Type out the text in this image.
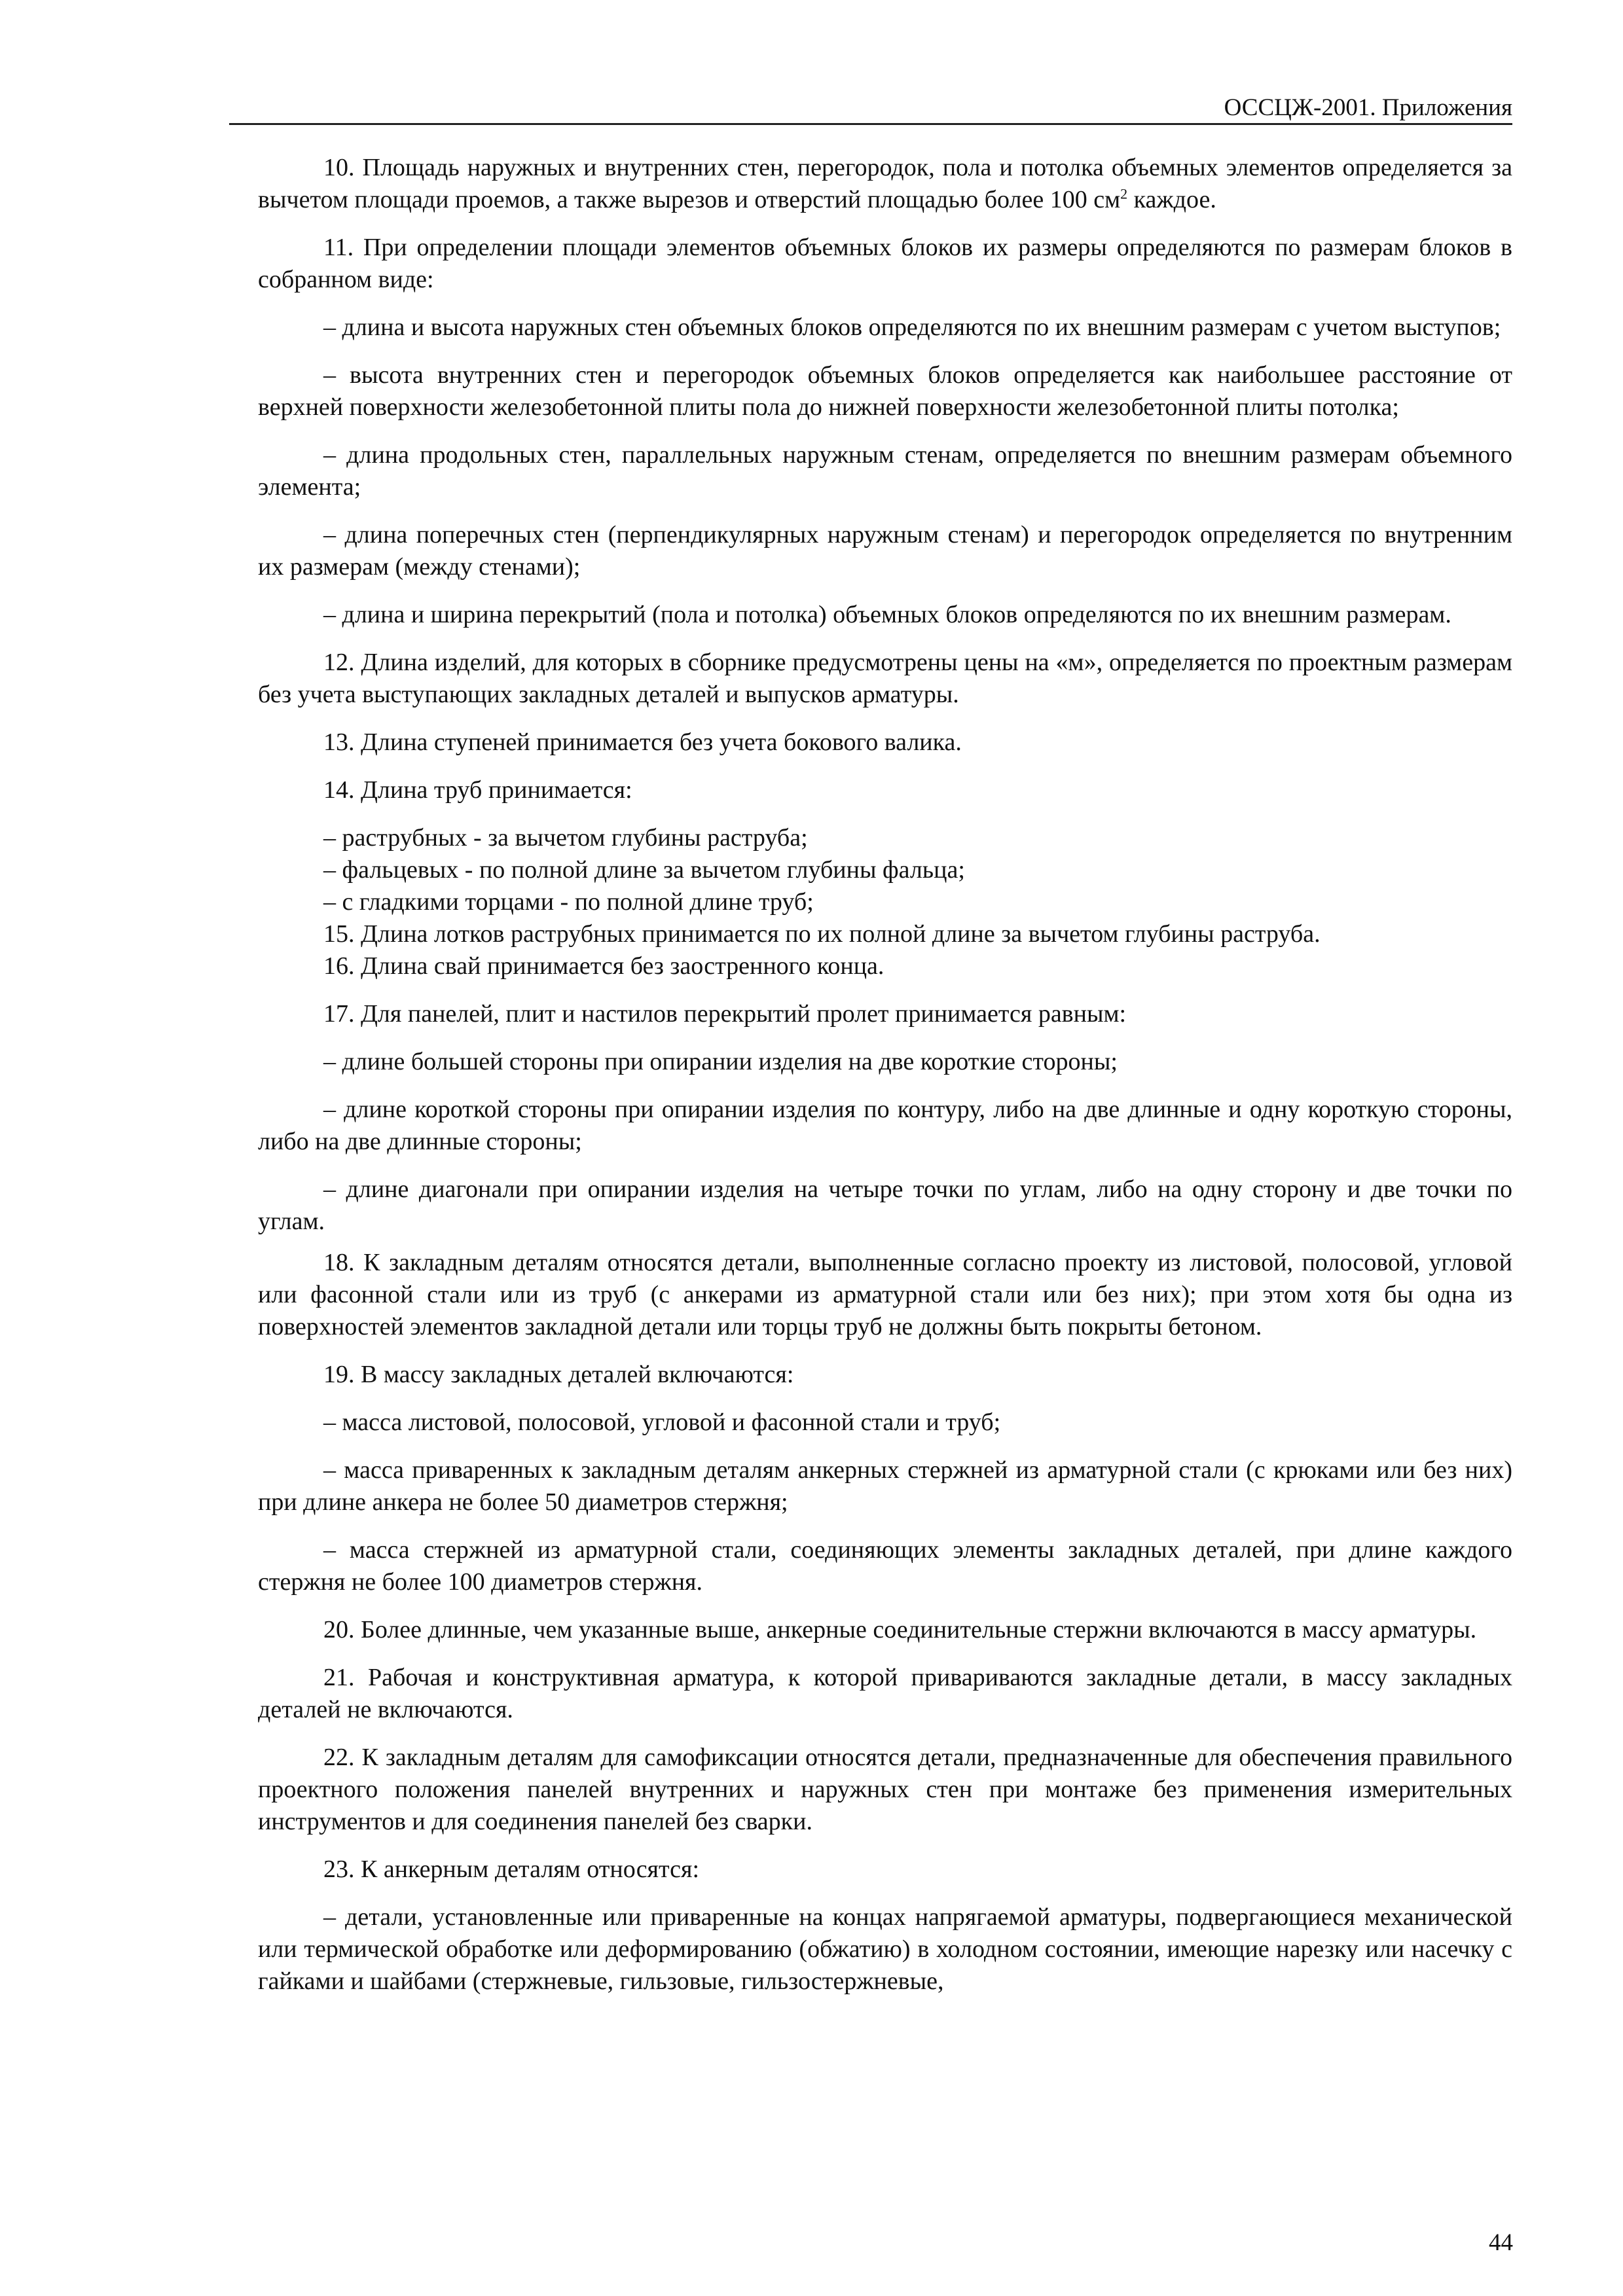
ОССЦЖ-2001. Приложения

10. Площадь наружных и внутренних стен, перегородок, пола и потолка объемных элементов определяется за вычетом площади проемов, а также вырезов и отверстий площадью более 100 $см^2$ каждое.

11. При определении площади элементов объемных блоков их размеры определяются по размерам блоков в собранном виде:

– длина и высота наружных стен объемных блоков определяются по их внешним размерам с учетом выступов;

– высота внутренних стен и перегородок объемных блоков определяется как наибольшее расстояние от верхней поверхности железобетонной плиты пола до нижней поверхности железобетонной плиты потолка;

– длина продольных стен, параллельных наружным стенам, определяется по внешним размерам объемного элемента;

– длина поперечных стен (перпендикулярных наружным стенам) и перегородок определяется по внутренним их размерам (между стенами);

– длина и ширина перекрытий (пола и потолка) объемных блоков определяются по их внешним размерам.

12. Длина изделий, для которых в сборнике предусмотрены цены на «м», определяется по проектным размерам без учета выступающих закладных деталей и выпусков арматуры.

13. Длина ступеней принимается без учета бокового валика.

14. Длина труб принимается:

– раструбных - за вычетом глубины раструба;

– фальцевых - по полной длине за вычетом глубины фальца;

– с гладкими торцами - по полной длине труб;

15. Длина лотков раструбных принимается по их полной длине за вычетом глубины раструба.

16. Длина свай принимается без заостренного конца.

17. Для панелей, плит и настилов перекрытий пролет принимается равным:

– длине большей стороны при опирании изделия на две короткие стороны;

– длине короткой стороны при опирании изделия по контуру, либо на две длинные и одну короткую стороны, либо на две длинные стороны;

– длине диагонали при опирании изделия на четыре точки по углам, либо на одну сторону и две точки по углам.

18. К закладным деталям относятся детали, выполненные согласно проекту из листовой, полосовой, угловой или фасонной стали или из труб (с анкерами из арматурной стали или без них); при этом хотя бы одна из поверхностей элементов закладной детали или торцы труб не должны быть покрыты бетоном.

19. В массу закладных деталей включаются:

– масса листовой, полосовой, угловой и фасонной стали и труб;

– масса приваренных к закладным деталям анкерных стержней из арматурной стали (с крюками или без них) при длине анкера не более 50 диаметров стержня;

– масса стержней из арматурной стали, соединяющих элементы закладных деталей, при длине каждого стержня не более 100 диаметров стержня.

20. Более длинные, чем указанные выше, анкерные соединительные стержни включаются в массу арматуры.

21. Рабочая и конструктивная арматура, к которой привариваются закладные детали, в массу закладных деталей не включаются.

22. К закладным деталям для самофиксации относятся детали, предназначенные для обеспечения правильного проектного положения панелей внутренних и наружных стен при монтаже без применения измерительных инструментов и для соединения панелей без сварки.

23. К анкерным деталям относятся:

– детали, установленные или приваренные на концах напрягаемой арматуры, подвергающиеся механической или термической обработке или деформированию (обжатию) в холодном состоянии, имеющие нарезку или насечку с гайками и шайбами (стержневые, гильзовые, гильзостержневые,

44
